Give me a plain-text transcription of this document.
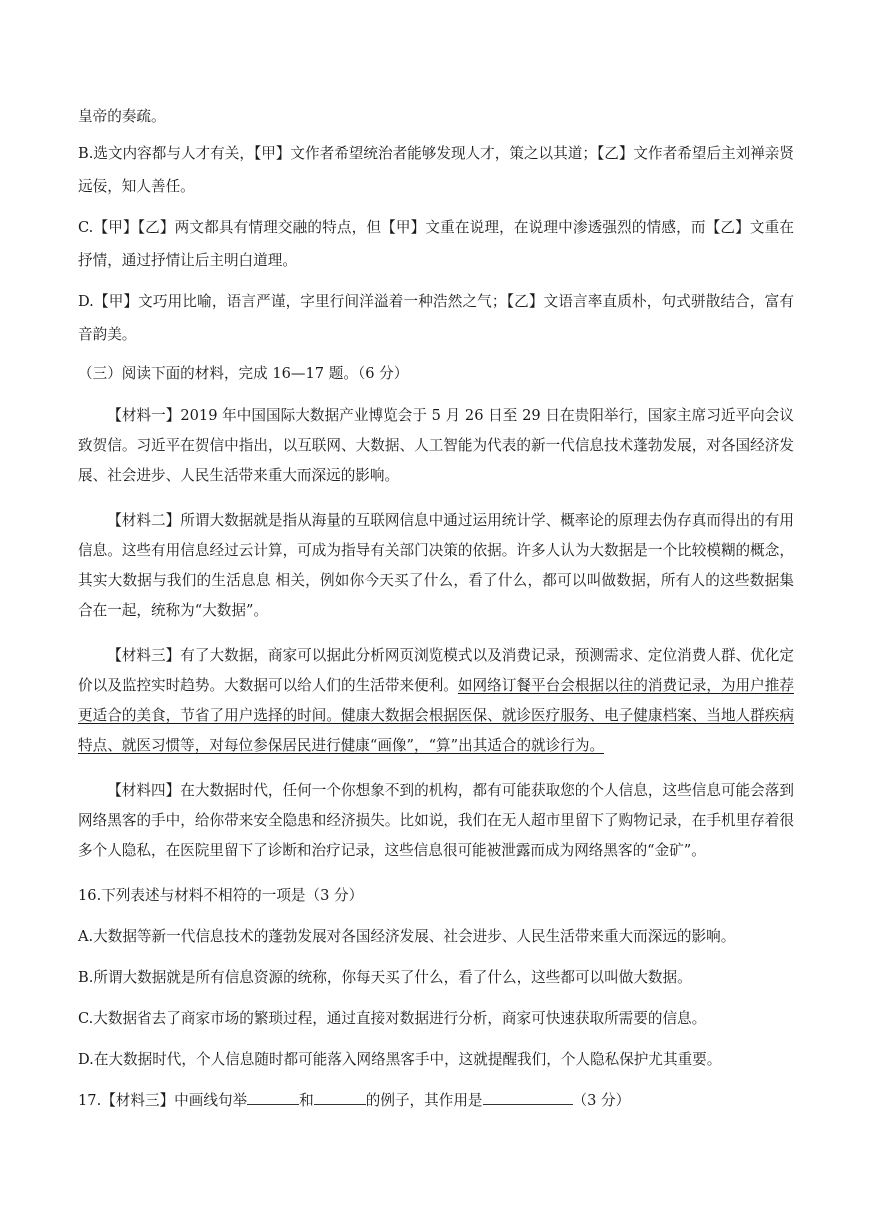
皇帝的奏疏。
B.选文内容都与人才有关，【甲】文作者希望统治者能够发现人才，策之以其道；【乙】文作者希望后主刘禅亲贤远佞，知人善任。
C.【甲】【乙】两文都具有情理交融的特点，但【甲】文重在说理，在说理中渗透强烈的情感，而【乙】文重在抒情，通过抒情让后主明白道理。
D.【甲】文巧用比喻，语言严谨，字里行间洋溢着一种浩然之气；【乙】文语言率直质朴，句式骈散结合，富有音韵美。
（三）阅读下面的材料，完成 16—17 题。（6 分）
【材料一】2019 年中国国际大数据产业博览会于 5 月 26 日至 29 日在贵阳举行，国家主席习近平向会议致贺信。习近平在贺信中指出，以互联网、大数据、人工智能为代表的新一代信息技术蓬勃发展，对各国经济发展、社会进步、人民生活带来重大而深远的影响。
【材料二】所谓大数据就是指从海量的互联网信息中通过运用统计学、概率论的原理去伪存真而得出的有用信息。这些有用信息经过云计算，可成为指导有关部门决策的依据。许多人认为大数据是一个比较模糊的概念，其实大数据与我们的生活息息 相关，例如你今天买了什么，看了什么，都可以叫做数据，所有人的这些数据集合在一起，统称为“大数据”。
【材料三】有了大数据，商家可以据此分析网页浏览模式以及消费记录，预测需求、定位消费人群、优化定价以及监控实时趋势。大数据可以给人们的生活带来便利。如网络订餐平台会根据以往的消费记录，为用户推荐更适合的美食，节省了用户选择的时间。健康大数据会根据医保、就诊医疗服务、电子健康档案、当地人群疾病特点、就医习惯等，对每位参保居民进行健康“画像”，“算”出其适合的就诊行为。
【材料四】在大数据时代，任何一个你想象不到的机构，都有可能获取您的个人信息，这些信息可能会落到网络黑客的手中，给你带来安全隐患和经济损失。比如说，我们在无人超市里留下了购物记录，在手机里存着很多个人隐私，在医院里留下了诊断和治疗记录，这些信息很可能被泄露而成为网络黑客的“金矿”。
16.下列表述与材料不相符的一项是（3 分）
A.大数据等新一代信息技术的蓬勃发展对各国经济发展、社会进步、人民生活带来重大而深远的影响。
B.所谓大数据就是所有信息资源的统称，你每天买了什么，看了什么，这些都可以叫做大数据。
C.大数据省去了商家市场的繁琐过程，通过直接对数据进行分析，商家可快速获取所需要的信息。
D.在大数据时代，个人信息随时都可能落入网络黑客手中，这就提醒我们，个人隐私保护尤其重要。
17.【材料三】中画线句举	和	的例子，其作用是	（3 分）
